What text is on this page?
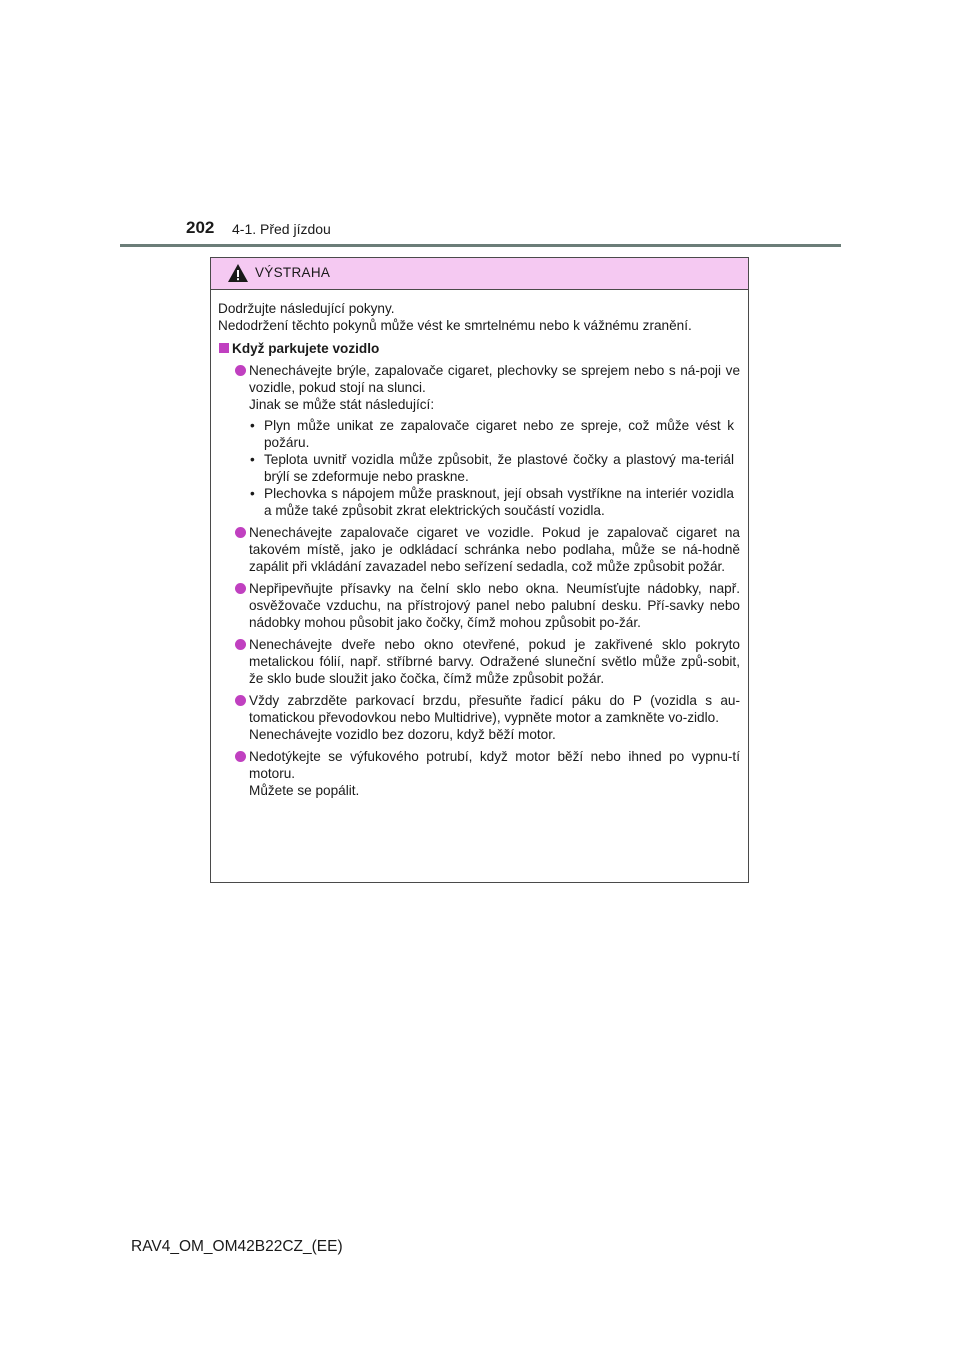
202 4-1. Před jízdou
VÝSTRAHA
Dodržujte následující pokyny.
Nedodržení těchto pokynů může vést ke smrtelnému nebo k vážnému zranění.
Když parkujete vozidlo
Nenechávejte brýle, zapalovače cigaret, plechovky se sprejem nebo s ná-poji ve vozidle, pokud stojí na slunci.
Jinak se může stát následující:
• Plyn může unikat ze zapalovače cigaret nebo ze spreje, což může vést k požáru.
• Teplota uvnitř vozidla může způsobit, že plastové čočky a plastový ma-teriál brýlí se zdeformuje nebo praskne.
• Plechovka s nápojem může prasknout, její obsah vystříkne na interiér vozidla a může také způsobit zkrat elektrických součástí vozidla.
Nenechávejte zapalovače cigaret ve vozidle. Pokud je zapalovač cigaret na takovém místě, jako je odkládací schránka nebo podlaha, může se ná-hodně zapálit při vkládání zavazadel nebo seřízení sedadla, což může způsobit požár.
Nepřipevňujte přísavky na čelní sklo nebo okna. Neumísťujte nádobky, např. osvěžovače vzduchu, na přístrojový panel nebo palubní desku. Pří-savky nebo nádobky mohou působit jako čočky, čímž mohou způsobit po-žár.
Nenechávejte dveře nebo okno otevřené, pokud je zakřivené sklo pokryto metalickou fólií, např. stříbrné barvy. Odražené sluneční světlo může způ-sobit, že sklo bude sloužit jako čočka, čímž může způsobit požár.
Vždy zabrzděte parkovací brzdu, přesuňte řadicí páku do P (vozidla s au-tomatickou převodovkou nebo Multidrive), vypněte motor a zamkněte vo-zidlo.
Nenechávejte vozidlo bez dozoru, když běží motor.
Nedotýkejte se výfukového potrubí, když motor běží nebo ihned po vypnu-tí motoru.
Můžete se popálit.
RAV4_OM_OM42B22CZ_(EE)
